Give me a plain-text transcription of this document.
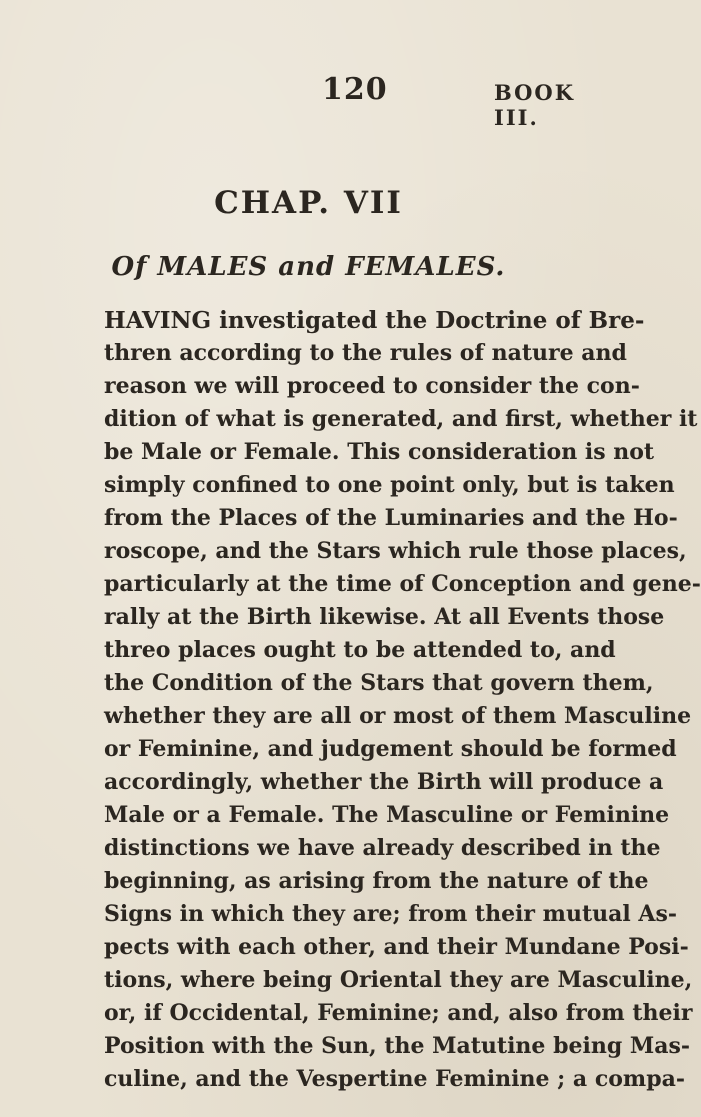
120	BOOK III.
CHAP. VII
Of MALES and FEMALES.
HAVING investigated the Doctrine of Bre-
thren according to the rules of nature and
reason we will proceed to consider the con-
dition of what is generated, and first, whether it
be Male or Female. This consideration is not
simply confined to one point only, but is taken
from the Places of the Luminaries and the Ho-
roscope, and the Stars which rule those places,
particularly at the time of Conception and gene-
rally at the Birth likewise. At all Events those
threo places ought to be attended to, and
the Condition of the Stars that govern them,
whether they are all or most of them Masculine
or Feminine, and judgement should be formed
accordingly, whether the Birth will produce a
Male or a Female. The Masculine or Feminine
distinctions we have already described in the
beginning, as arising from the nature of the
Signs in which they are; from their mutual As-
pects with each other, and their Mundane Posi-
tions, where being Oriental they are Masculine,
or, if Occidental, Feminine; and, also from their
Position with the Sun, the Matutine being Mas-
culine, and the Vespertine Feminine ; a compa-
